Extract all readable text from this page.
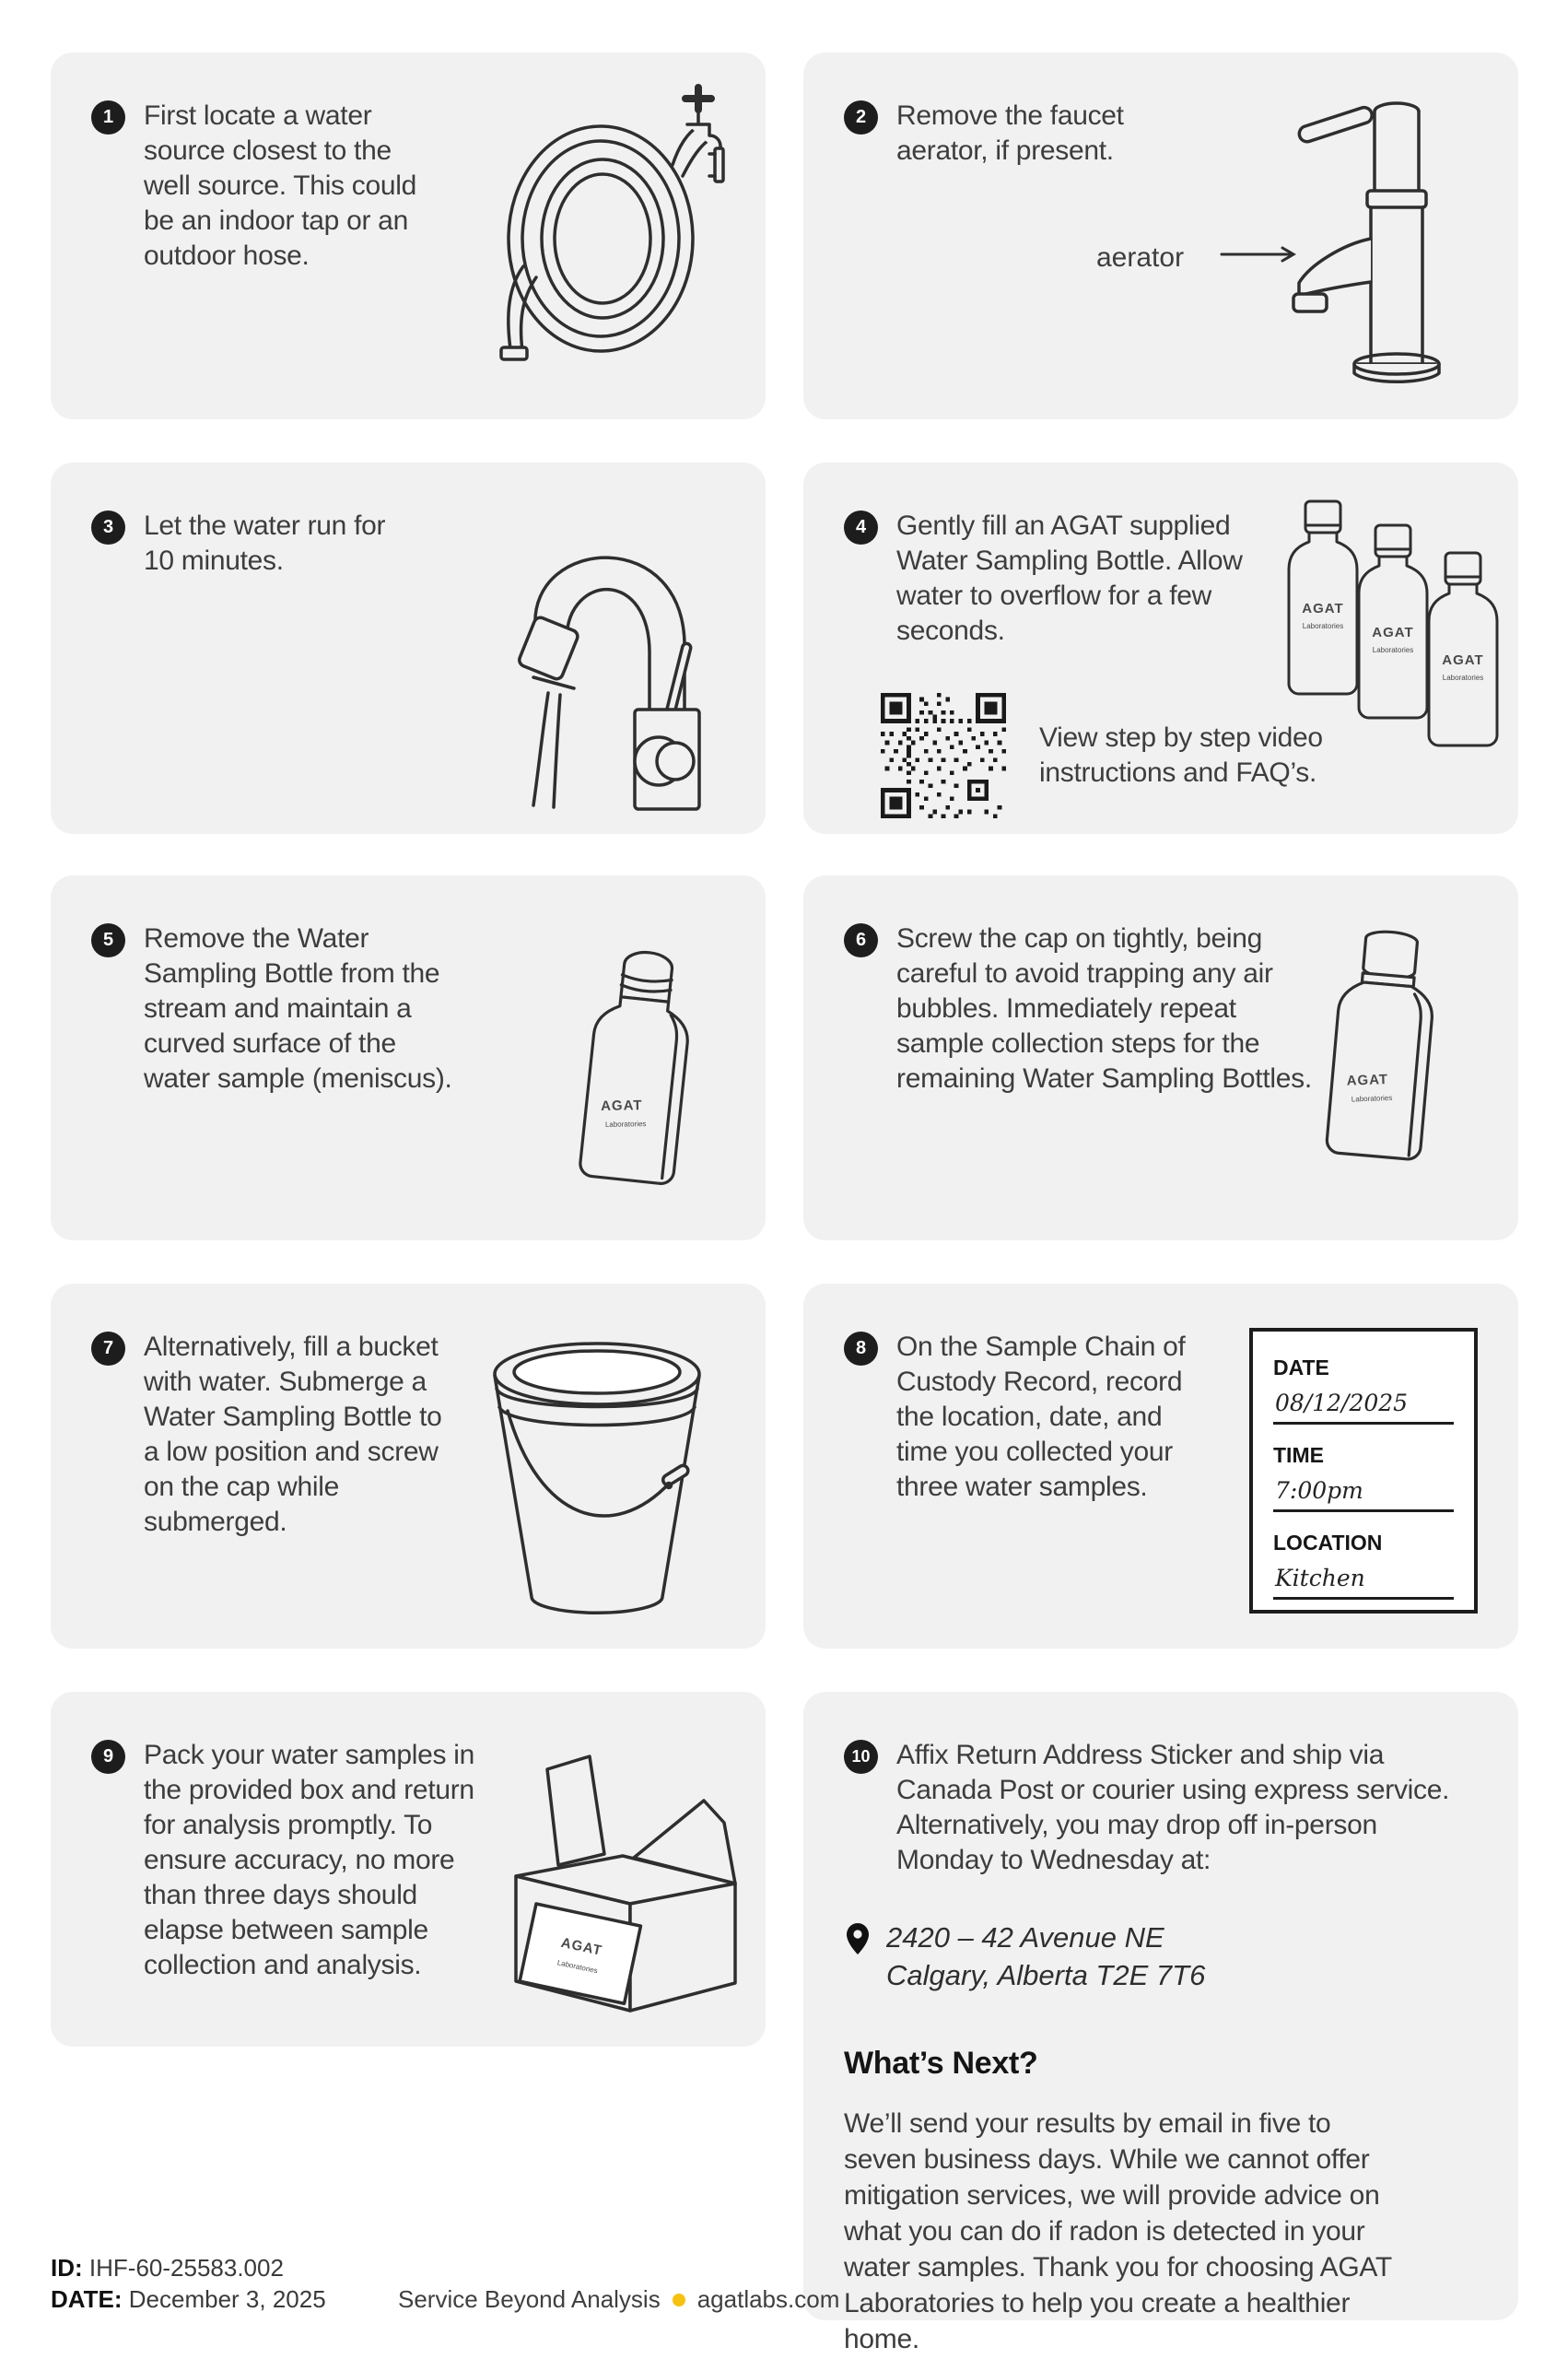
1	First locate a water source closest to the well source. This could be an indoor tap or an outdoor hose.
2	Remove the faucet aerator, if present.
aerator
3	Let the water run for 10 minutes.
4	Gently fill an AGAT supplied Water Sampling Bottle. Allow water to overflow for a few seconds.
View step by step video instructions and FAQ’s.
AGAT
Laboratories
5	Remove the Water Sampling Bottle from the stream and maintain a curved surface of the water sample (meniscus).
AGAT
Laboratories
6	Screw the cap on tightly, being careful to avoid trapping any air bubbles. Immediately repeat sample collection steps for the remaining Water Sampling Bottles.	AGAT
Laboratories
7	Alternatively, fill a bucket with water. Submerge a Water Sampling Bottle to a low position and screw on the cap while submerged.
8	On the Sample Chain of Custody Record, record the location, date, and time you collected your three water samples.
DATE
08/12/2025
TIME
7:00pm
LOCATION
Kitchen
9	Pack your water samples in the provided box and return for analysis promptly. To ensure accuracy, no more than three days should elapse between sample collection and analysis.
AGAT
Laboratories
10 Affix Return Address Sticker and ship via Canada Post or courier using express service. Alternatively, you may drop off in-person Monday to Wednesday at:
2420 – 42 Avenue NE
Calgary, Alberta T2E 7T6
What’s Next?
We’ll send your results by email in five to seven business days. While we cannot offer mitigation services, we will provide advice on what you can do if radon is detected in your water samples. Thank you for choosing AGAT Laboratories to help you create a healthier home.
ID: IHF-60-25583.002
DATE: December 3, 2025	Service Beyond Analysis agatlabs.com
